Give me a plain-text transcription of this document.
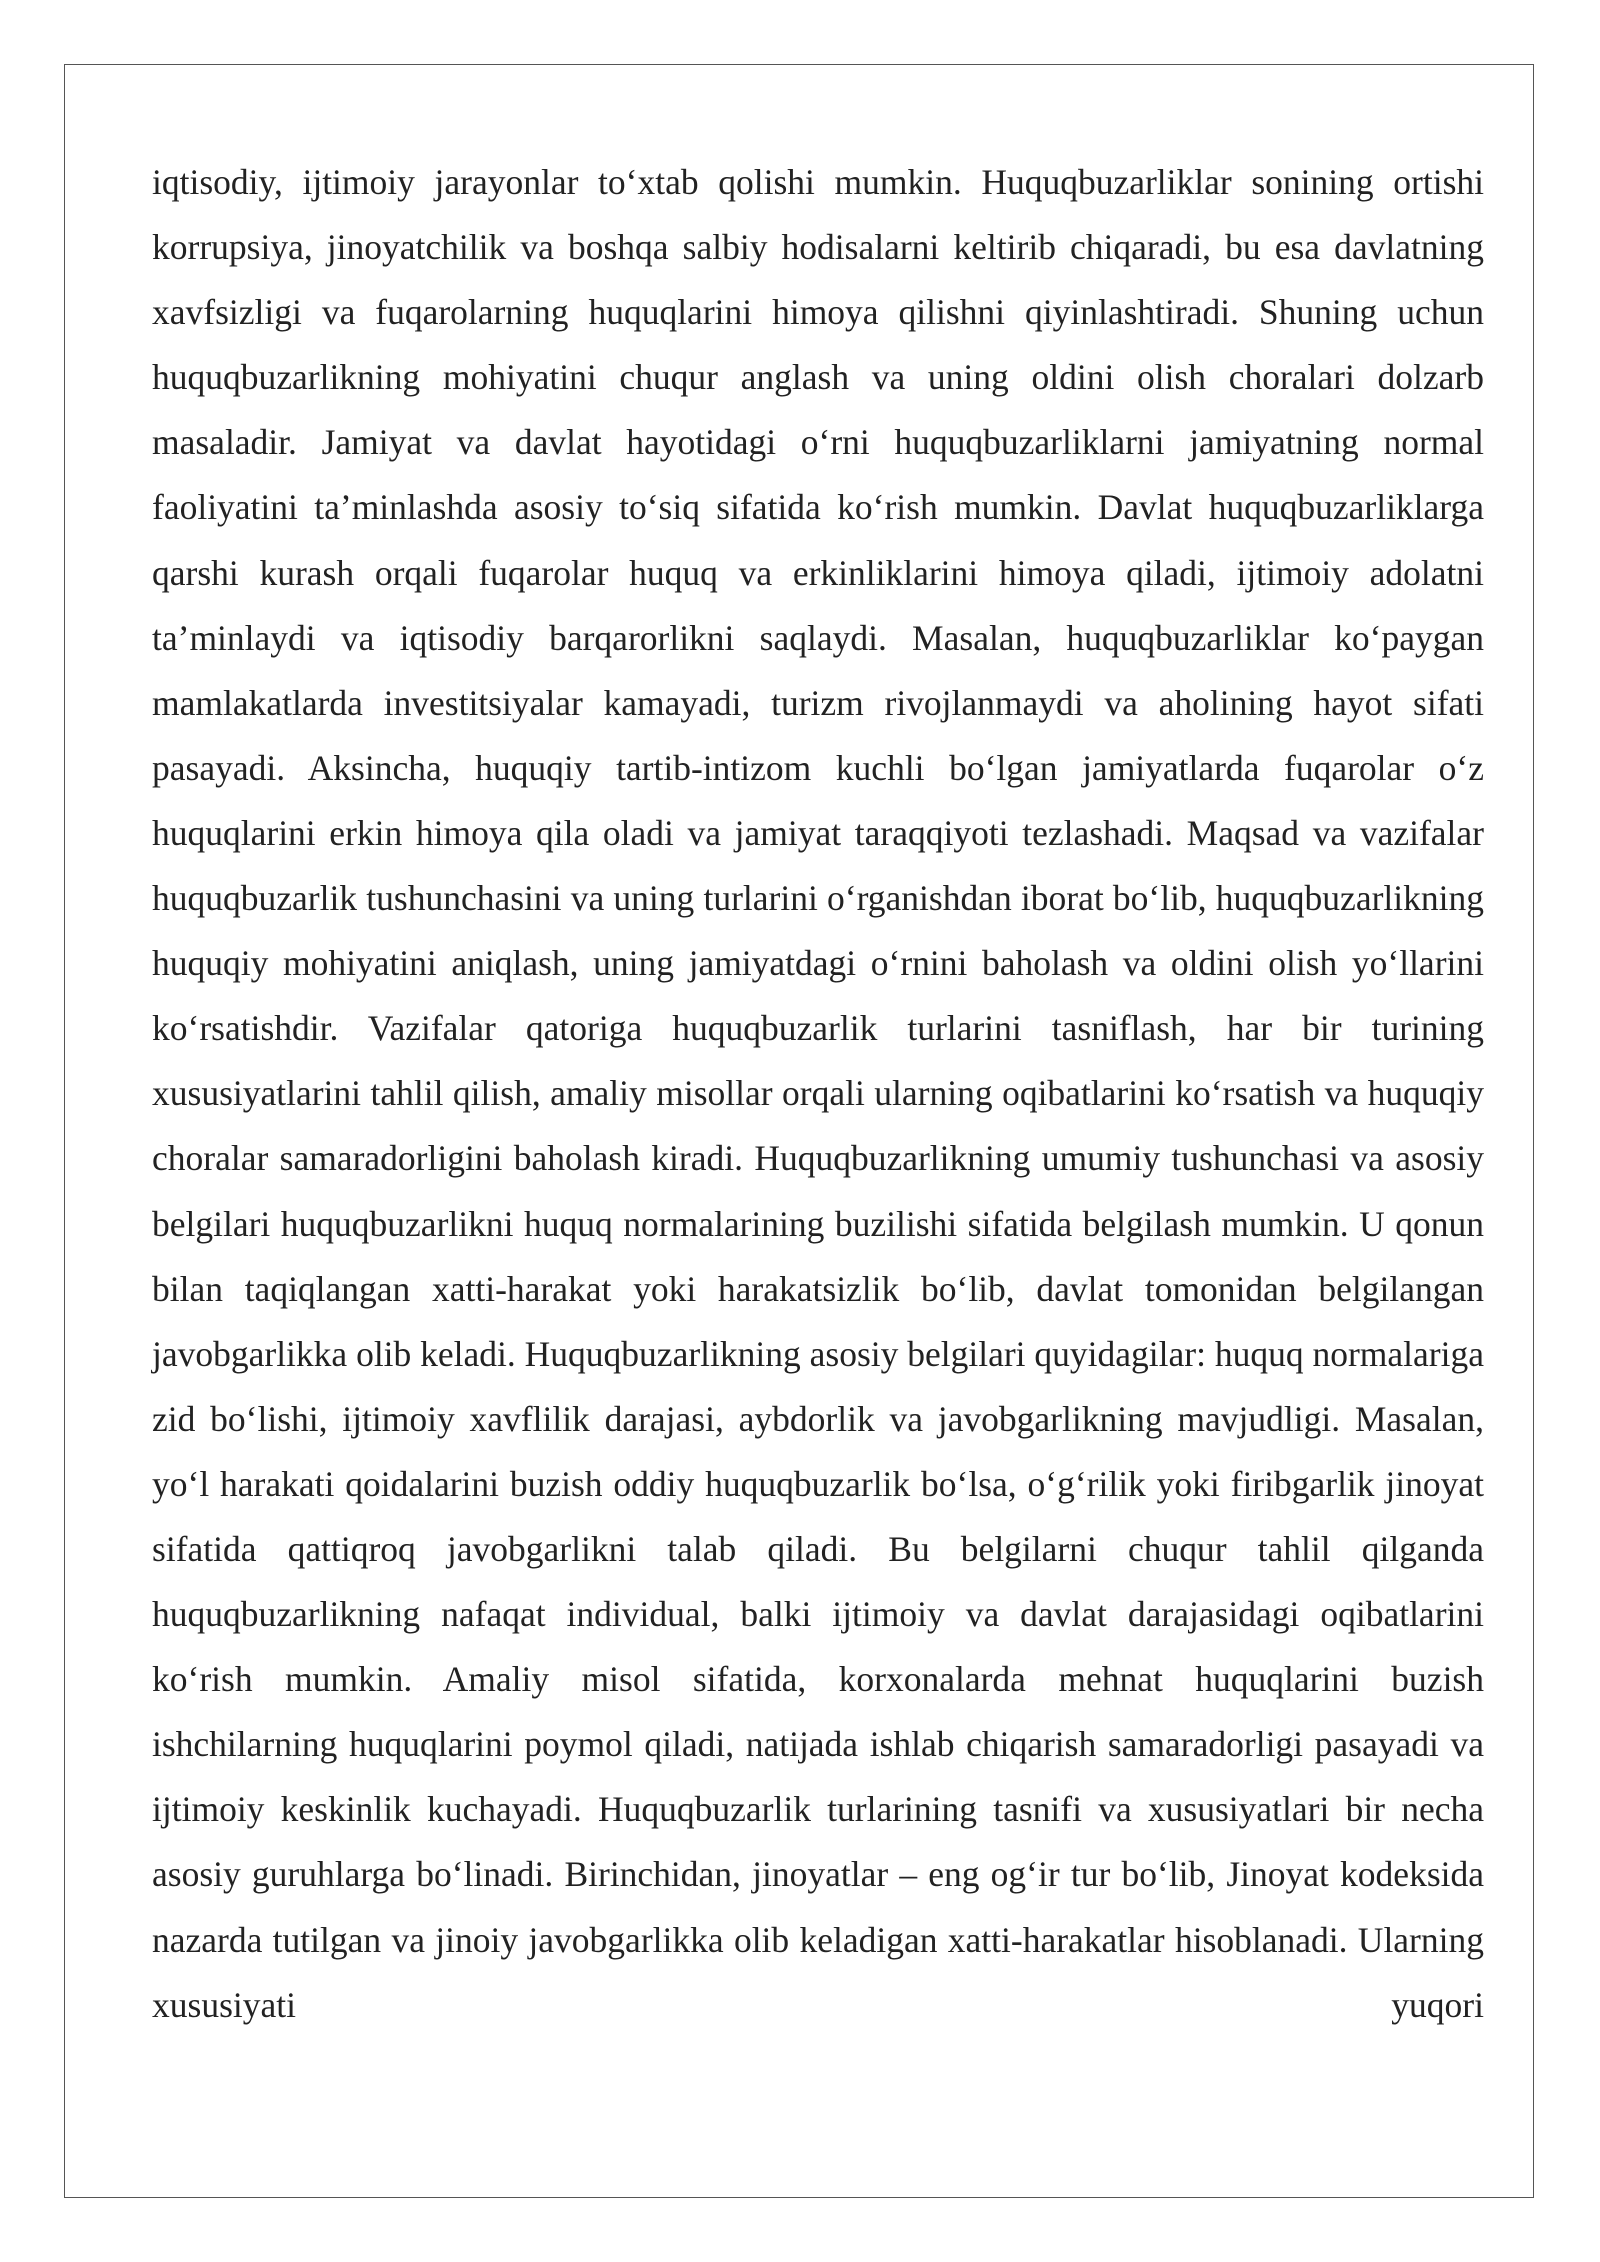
iqtisodiy, ijtimoiy jarayonlar to‘xtab qolishi mumkin. Huquqbuzarliklar sonining ortishi korrupsiya, jinoyatchilik va boshqa salbiy hodisalarni keltirib chiqaradi, bu esa davlatning xavfsizligi va fuqarolarning huquqlarini himoya qilishni qiyinlashtiradi. Shuning uchun huquqbuzarlikning mohiyatini chuqur anglash va uning oldini olish choralari dolzarb masaladir. Jamiyat va davlat hayotidagi o‘rni huquqbuzarliklarni jamiyatning normal faoliyatini ta’minlashda asosiy to‘siq sifatida ko‘rish mumkin. Davlat huquqbuzarliklarga qarshi kurash orqali fuqarolar huquq va erkinliklarini himoya qiladi, ijtimoiy adolatni ta’minlaydi va iqtisodiy barqarorlikni saqlaydi. Masalan, huquqbuzarliklar ko‘paygan mamlakatlarda investitsiyalar kamayadi, turizm rivojlanmaydi va aholining hayot sifati pasayadi. Aksincha, huquqiy tartib-intizom kuchli bo‘lgan jamiyatlarda fuqarolar o‘z huquqlarini erkin himoya qila oladi va jamiyat taraqqiyoti tezlashadi. Maqsad va vazifalar huquqbuzarlik tushunchasini va uning turlarini o‘rganishdan iborat bo‘lib, huquqbuzarlikning huquqiy mohiyatini aniqlash, uning jamiyatdagi o‘rnini baholash va oldini olish yo‘llarini ko‘rsatishdir. Vazifalar qatoriga huquqbuzarlik turlarini tasniflash, har bir turining xususiyatlarini tahlil qilish, amaliy misollar orqali ularning oqibatlarini ko‘rsatish va huquqiy choralar samaradorligini baholash kiradi. Huquqbuzarlikning umumiy tushunchasi va asosiy belgilari huquqbuzarlikni huquq normalarining buzilishi sifatida belgilash mumkin. U qonun bilan taqiqlangan xatti-harakat yoki harakatsizlik bo‘lib, davlat tomonidan belgilangan javobgarlikka olib keladi. Huquqbuzarlikning asosiy belgilari quyidagilar: huquq normalariga zid bo‘lishi, ijtimoiy xavflilik darajasi, aybdorlik va javobgarlikning mavjudligi. Masalan, yo‘l harakati qoidalarini buzish oddiy huquqbuzarlik bo‘lsa, o‘g‘rilik yoki firibgarlik jinoyat sifatida qattiqroq javobgarlikni talab qiladi. Bu belgilarni chuqur tahlil qilganda huquqbuzarlikning nafaqat individual, balki ijtimoiy va davlat darajasidagi oqibatlarini ko‘rish mumkin. Amaliy misol sifatida, korxonalarda mehnat huquqlarini buzish ishchilarning huquqlarini poymol qiladi, natijada ishlab chiqarish samaradorligi pasayadi va ijtimoiy keskinlik kuchayadi. Huquqbuzarlik turlarining tasnifi va xususiyatlari bir necha asosiy guruhlarga bo‘linadi. Birinchidan, jinoyatlar – eng og‘ir tur bo‘lib, Jinoyat kodeksida nazarda tutilgan va jinoiy javobgarlikka olib keladigan xatti-harakatlar hisoblanadi. Ularning xususiyati yuqori
